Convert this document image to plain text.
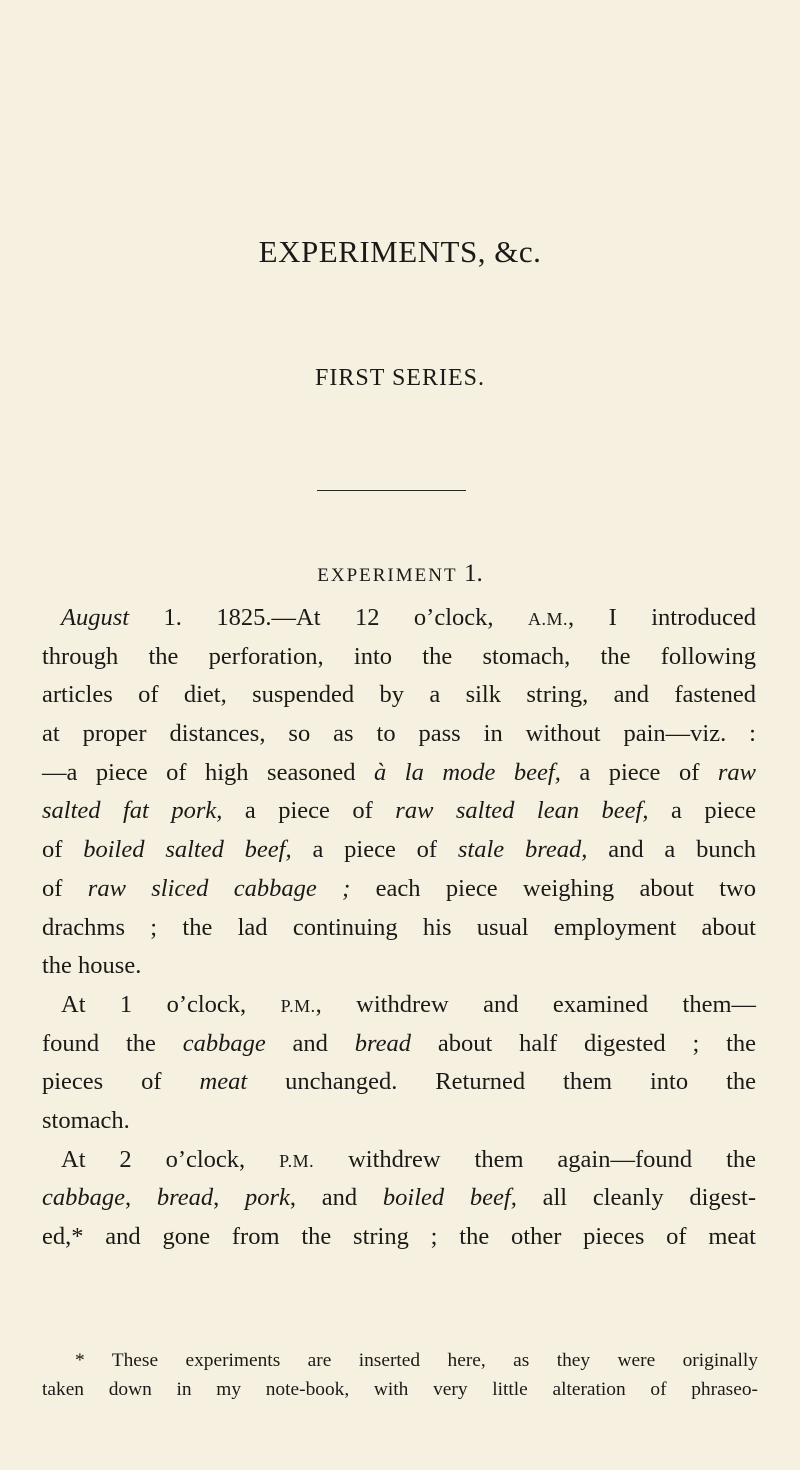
EXPERIMENTS, &c.
FIRST SERIES.
EXPERIMENT 1.
August 1. 1825.—At 12 o’clock, A.M., I introduced
through the perforation, into the stomach, the following
articles of diet, suspended by a silk string, and fastened
at proper distances, so as to pass in without pain—viz. :
—a piece of high seasoned à la mode beef, a piece of raw
salted fat pork, a piece of raw salted lean beef, a piece
of boiled salted beef, a piece of stale bread, and a bunch
of raw sliced cabbage ; each piece weighing about two
drachms ; the lad continuing his usual employment about
the house.
At 1 o’clock, P.M., withdrew and examined them—
found the cabbage and bread about half digested ; the
pieces of meat unchanged. Returned them into the
stomach.
At 2 o’clock, P.M. withdrew them again—found the
cabbage, bread, pork, and boiled beef, all cleanly digest-
ed,* and gone from the string ; the other pieces of meat
* These experiments are inserted here, as they were originally
taken down in my note-book, with very little alteration of phraseo-
